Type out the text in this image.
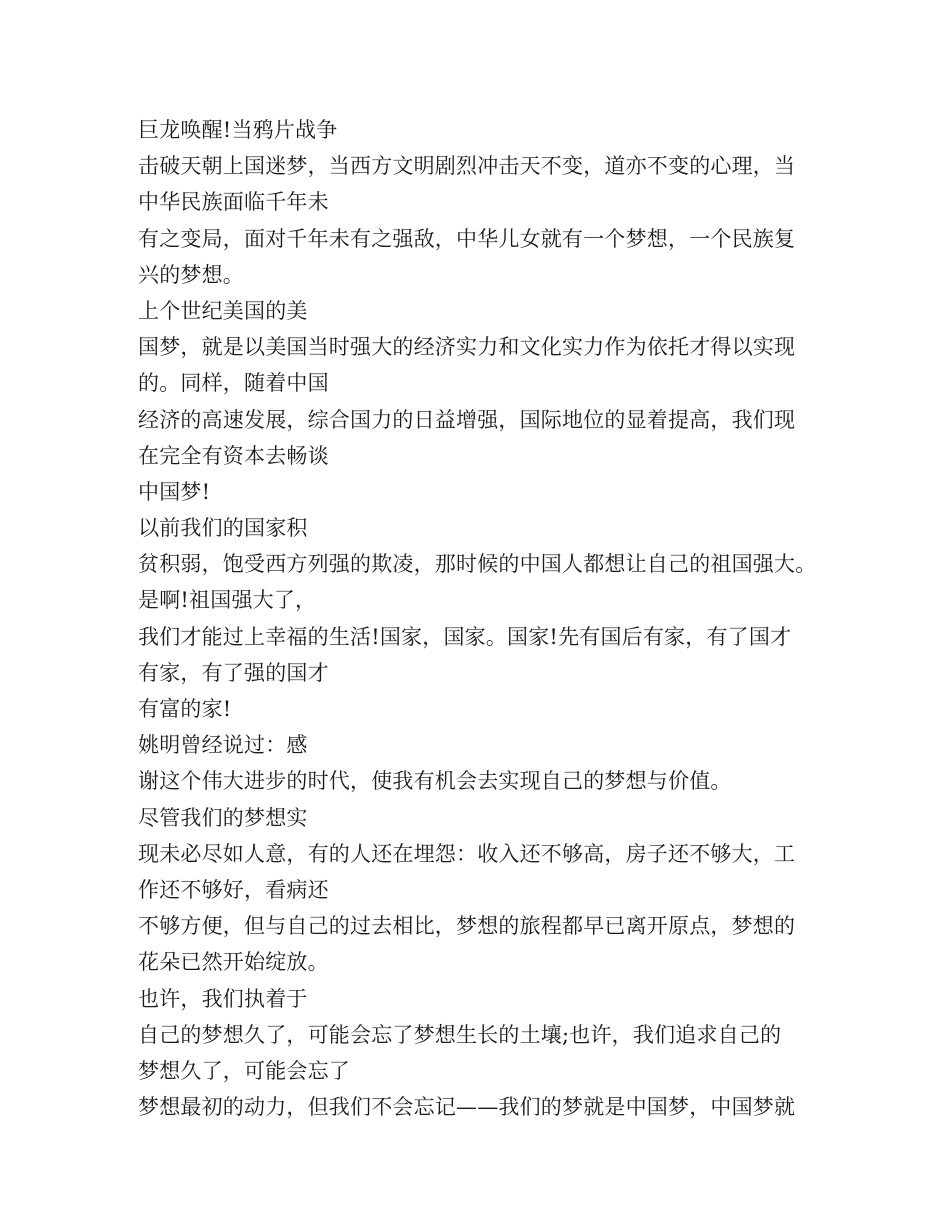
巨龙唤醒!当鸦片战争
击破天朝上国迷梦，当西方文明剧烈冲击天不变，道亦不变的心理，当
中华民族面临千年未
有之变局，面对千年未有之强敌，中华儿女就有一个梦想，一个民族复
兴的梦想。
上个世纪美国的美
国梦，就是以美国当时强大的经济实力和文化实力作为依托才得以实现
的。同样，随着中国
经济的高速发展，综合国力的日益增强，国际地位的显着提高，我们现
在完全有资本去畅谈
中国梦!
以前我们的国家积
贫积弱，饱受西方列强的欺凌，那时候的中国人都想让自己的祖国强大。
是啊!祖国强大了，
我们才能过上幸福的生活!国家，国家。国家!先有国后有家，有了国才
有家，有了强的国才
有富的家!
姚明曾经说过：感
谢这个伟大进步的时代，使我有机会去实现自己的梦想与价值。
尽管我们的梦想实
现未必尽如人意，有的人还在埋怨：收入还不够高，房子还不够大，工
作还不够好，看病还
不够方便，但与自己的过去相比，梦想的旅程都早已离开原点，梦想的
花朵已然开始绽放。
也许，我们执着于
自己的梦想久了，可能会忘了梦想生长的土壤;也许，我们追求自己的
梦想久了，可能会忘了
梦想最初的动力，但我们不会忘记——我们的梦就是中国梦，中国梦就
